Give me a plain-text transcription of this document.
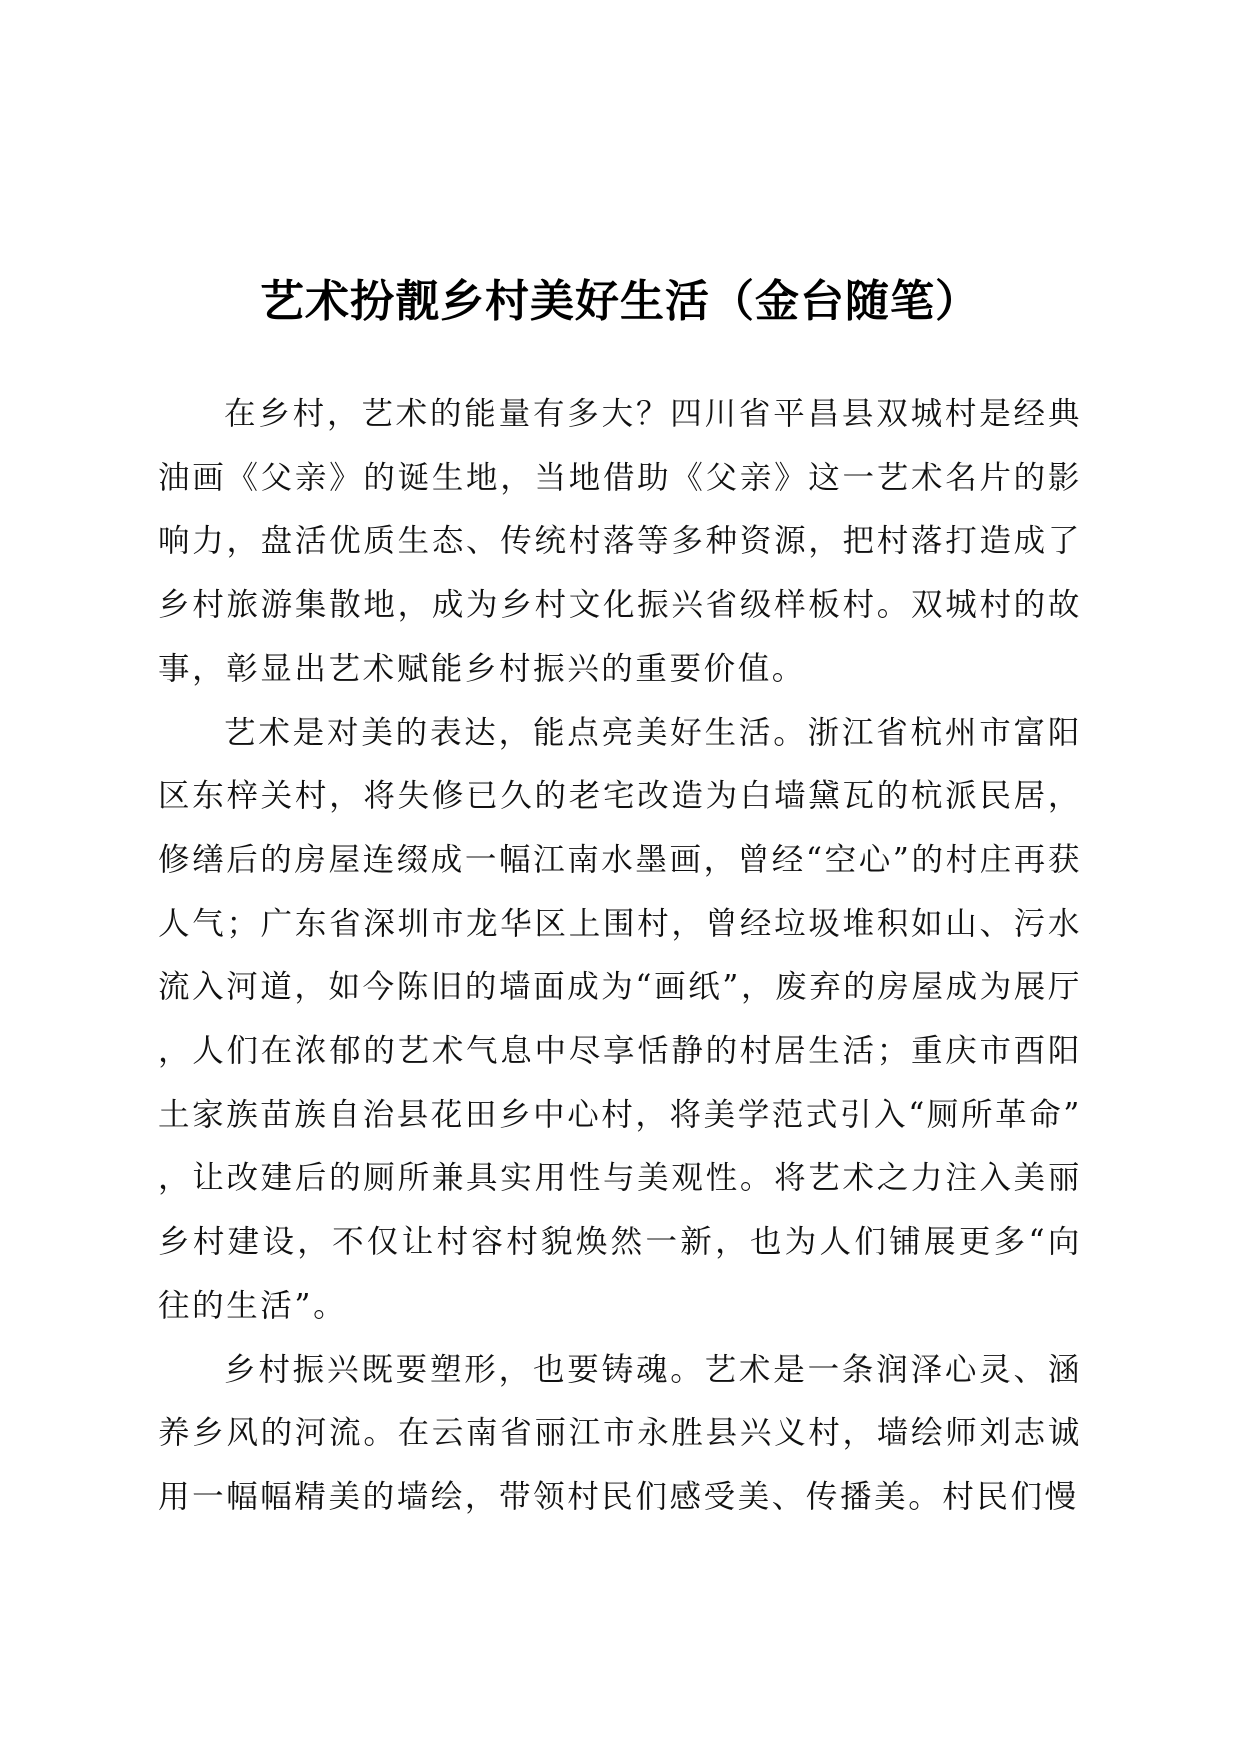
艺术扮靓乡村美好生活（金台随笔）

在乡村，艺术的能量有多大？四川省平昌县双城村是经典油画《父亲》的诞生地，当地借助《父亲》这一艺术名片的影响力，盘活优质生态、传统村落等多种资源，把村落打造成了乡村旅游集散地，成为乡村文化振兴省级样板村。双城村的故事，彰显出艺术赋能乡村振兴的重要价值。

艺术是对美的表达，能点亮美好生活。浙江省杭州市富阳区东梓关村，将失修已久的老宅改造为白墙黛瓦的杭派民居，修缮后的房屋连缀成一幅江南水墨画，曾经“空心”的村庄再获人气；广东省深圳市龙华区上围村，曾经垃圾堆积如山、污水流入河道，如今陈旧的墙面成为“画纸”，废弃的房屋成为展厅，人们在浓郁的艺术气息中尽享恬静的村居生活；重庆市酉阳土家族苗族自治县花田乡中心村，将美学范式引入“厕所革命”，让改建后的厕所兼具实用性与美观性。将艺术之力注入美丽乡村建设，不仅让村容村貌焕然一新，也为人们铺展更多“向往的生活”。

乡村振兴既要塑形，也要铸魂。艺术是一条润泽心灵、涵养乡风的河流。在云南省丽江市永胜县兴义村，墙绘师刘志诚用一幅幅精美的墙绘，带领村民们感受美、传播美。村民们慢
